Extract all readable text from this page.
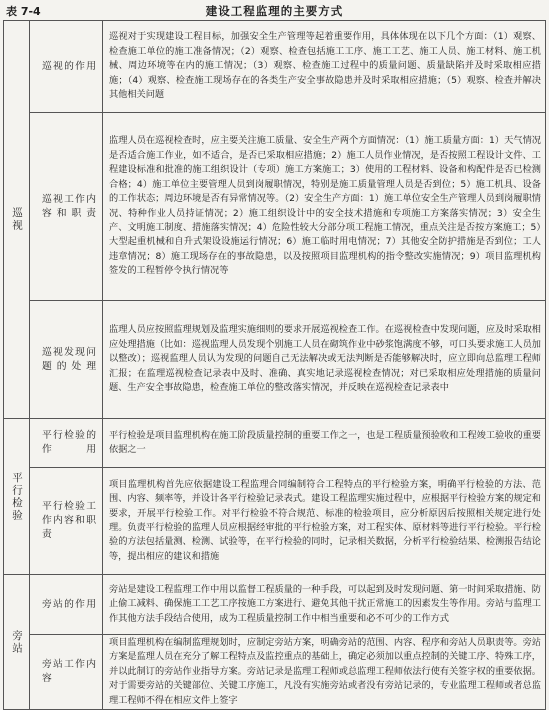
表 7-4	建设工程监理的主要方式
巡视	巡视的作用	巡视对于实现建设工程目标，加强安全生产管理等起着重要作用，具体体现在以下几个方面：（1）观察、检查施工单位的施工准备情况；（2）观察、检查包括施工工序、施工工艺、施工人员、施工材料、施工机械、周边环境等在内的施工情况；（3）观察、检查施工过程中的质量问题、质量缺陷并及时采取相应措施；（4）观察、检查施工现场存在的各类生产安全事故隐患并及时采取相应措施；（5）观察、检查并解决其他相关问题
	巡视工作内容和职责	监理人员在巡视检查时，应主要关注施工质量、安全生产两个方面情况：（1）施工质量方面：1）天气情况是否适合施工作业，如不适合，是否已采取相应措施；2）施工人员作业情况，是否按照工程设计文件、工程建设标准和批准的施工组织设计（专项）施工方案施工；3）使用的工程材料、设备和构配件是否已检测合格；4）施工单位主要管理人员到岗履职情况，特别是施工质量管理人员是否到位；5）施工机具、设备的工作状态；周边环境是否有异常情况等。（2）安全生产方面：1）施工单位安全生产管理人员到岗履职情况、特种作业人员持证情况；2）施工组织设计中的安全技术措施和专项施工方案落实情况；3）安全生产、文明施工制度、措施落实情况；4）危险性较大分部分项工程施工情况，重点关注是否按方案施工；5）大型起重机械和自升式架设设施运行情况；6）施工临时用电情况；7）其他安全防护措施是否到位；工人违章情况；8）施工现场存在的事故隐患，以及按照项目监理机构的指令整改实施情况；9）项目监理机构签发的工程暂停令执行情况等
	巡视发现问题的处理	监理人员应按照监理规划及监理实施细则的要求开展巡视检查工作。在巡视检查中发现问题，应及时采取相应处理措施（比如：巡视监理人员发现个别施工人员在砌筑作业中砂浆饱满度不够，可口头要求施工人员加以整改）；巡视监理人员认为发现的问题自己无法解决或无法判断是否能够解决时，应立即向总监理工程师汇报；在监理巡视检查记录表中及时、准确、真实地记录巡视检查情况；对已采取相应处理措施的质量问题、生产安全事故隐患，检查施工单位的整改落实情况，并反映在巡视检查记录表中

平行检验	平行检验的作用	平行检验是项目监理机构在施工阶段质量控制的重要工作之一，也是工程质量预验收和工程竣工验收的重要依据之一
	平行检验工作内容和职责	项目监理机构首先应依据建设工程监理合同编制符合工程特点的平行检验方案，明确平行检验的方法、范围、内容、频率等，并设计各平行检验记录表式。建设工程监理实施过程中，应根据平行检验方案的规定和要求，开展平行检验工作。对平行检验不符合规范、标准的检验项目，应分析原因后按照相关规定进行处理。负责平行检验的监理人员应根据经审批的平行检验方案，对工程实体、原材料等进行平行检验。平行检验的方法包括量测、检测、试验等，在平行检验的同时，记录相关数据，分析平行检验结果、检测报告结论等，提出相应的建议和措施

旁站	旁站的作用	旁站是建设工程监理工作中用以监督工程质量的一种手段，可以起到及时发现问题、第一时间采取措施、防止偷工减料、确保施工工艺工序按施工方案进行、避免其他干扰正常施工的因素发生等作用。旁站与监理工作其他方法手段结合使用，成为工程质量控制工作中相当重要和必不可少的工作方式
	旁站工作内容	项目监理机构在编制监理规划时，应制定旁站方案，明确旁站的范围、内容、程序和旁站人员职责等。旁站方案是监理人员在充分了解工程特点及监控重点的基础上，确定必须加以重点控制的关键工序、特殊工序，并以此制订的旁站作业指导方案。旁站记录是监理工程师或总监理工程师依法行使有关签字权的重要依据。对于需要旁站的关键部位、关键工序施工，凡没有实施旁站或者没有旁站记录的，专业监理工程师或者总监理工程师不得在相应文件上签字
